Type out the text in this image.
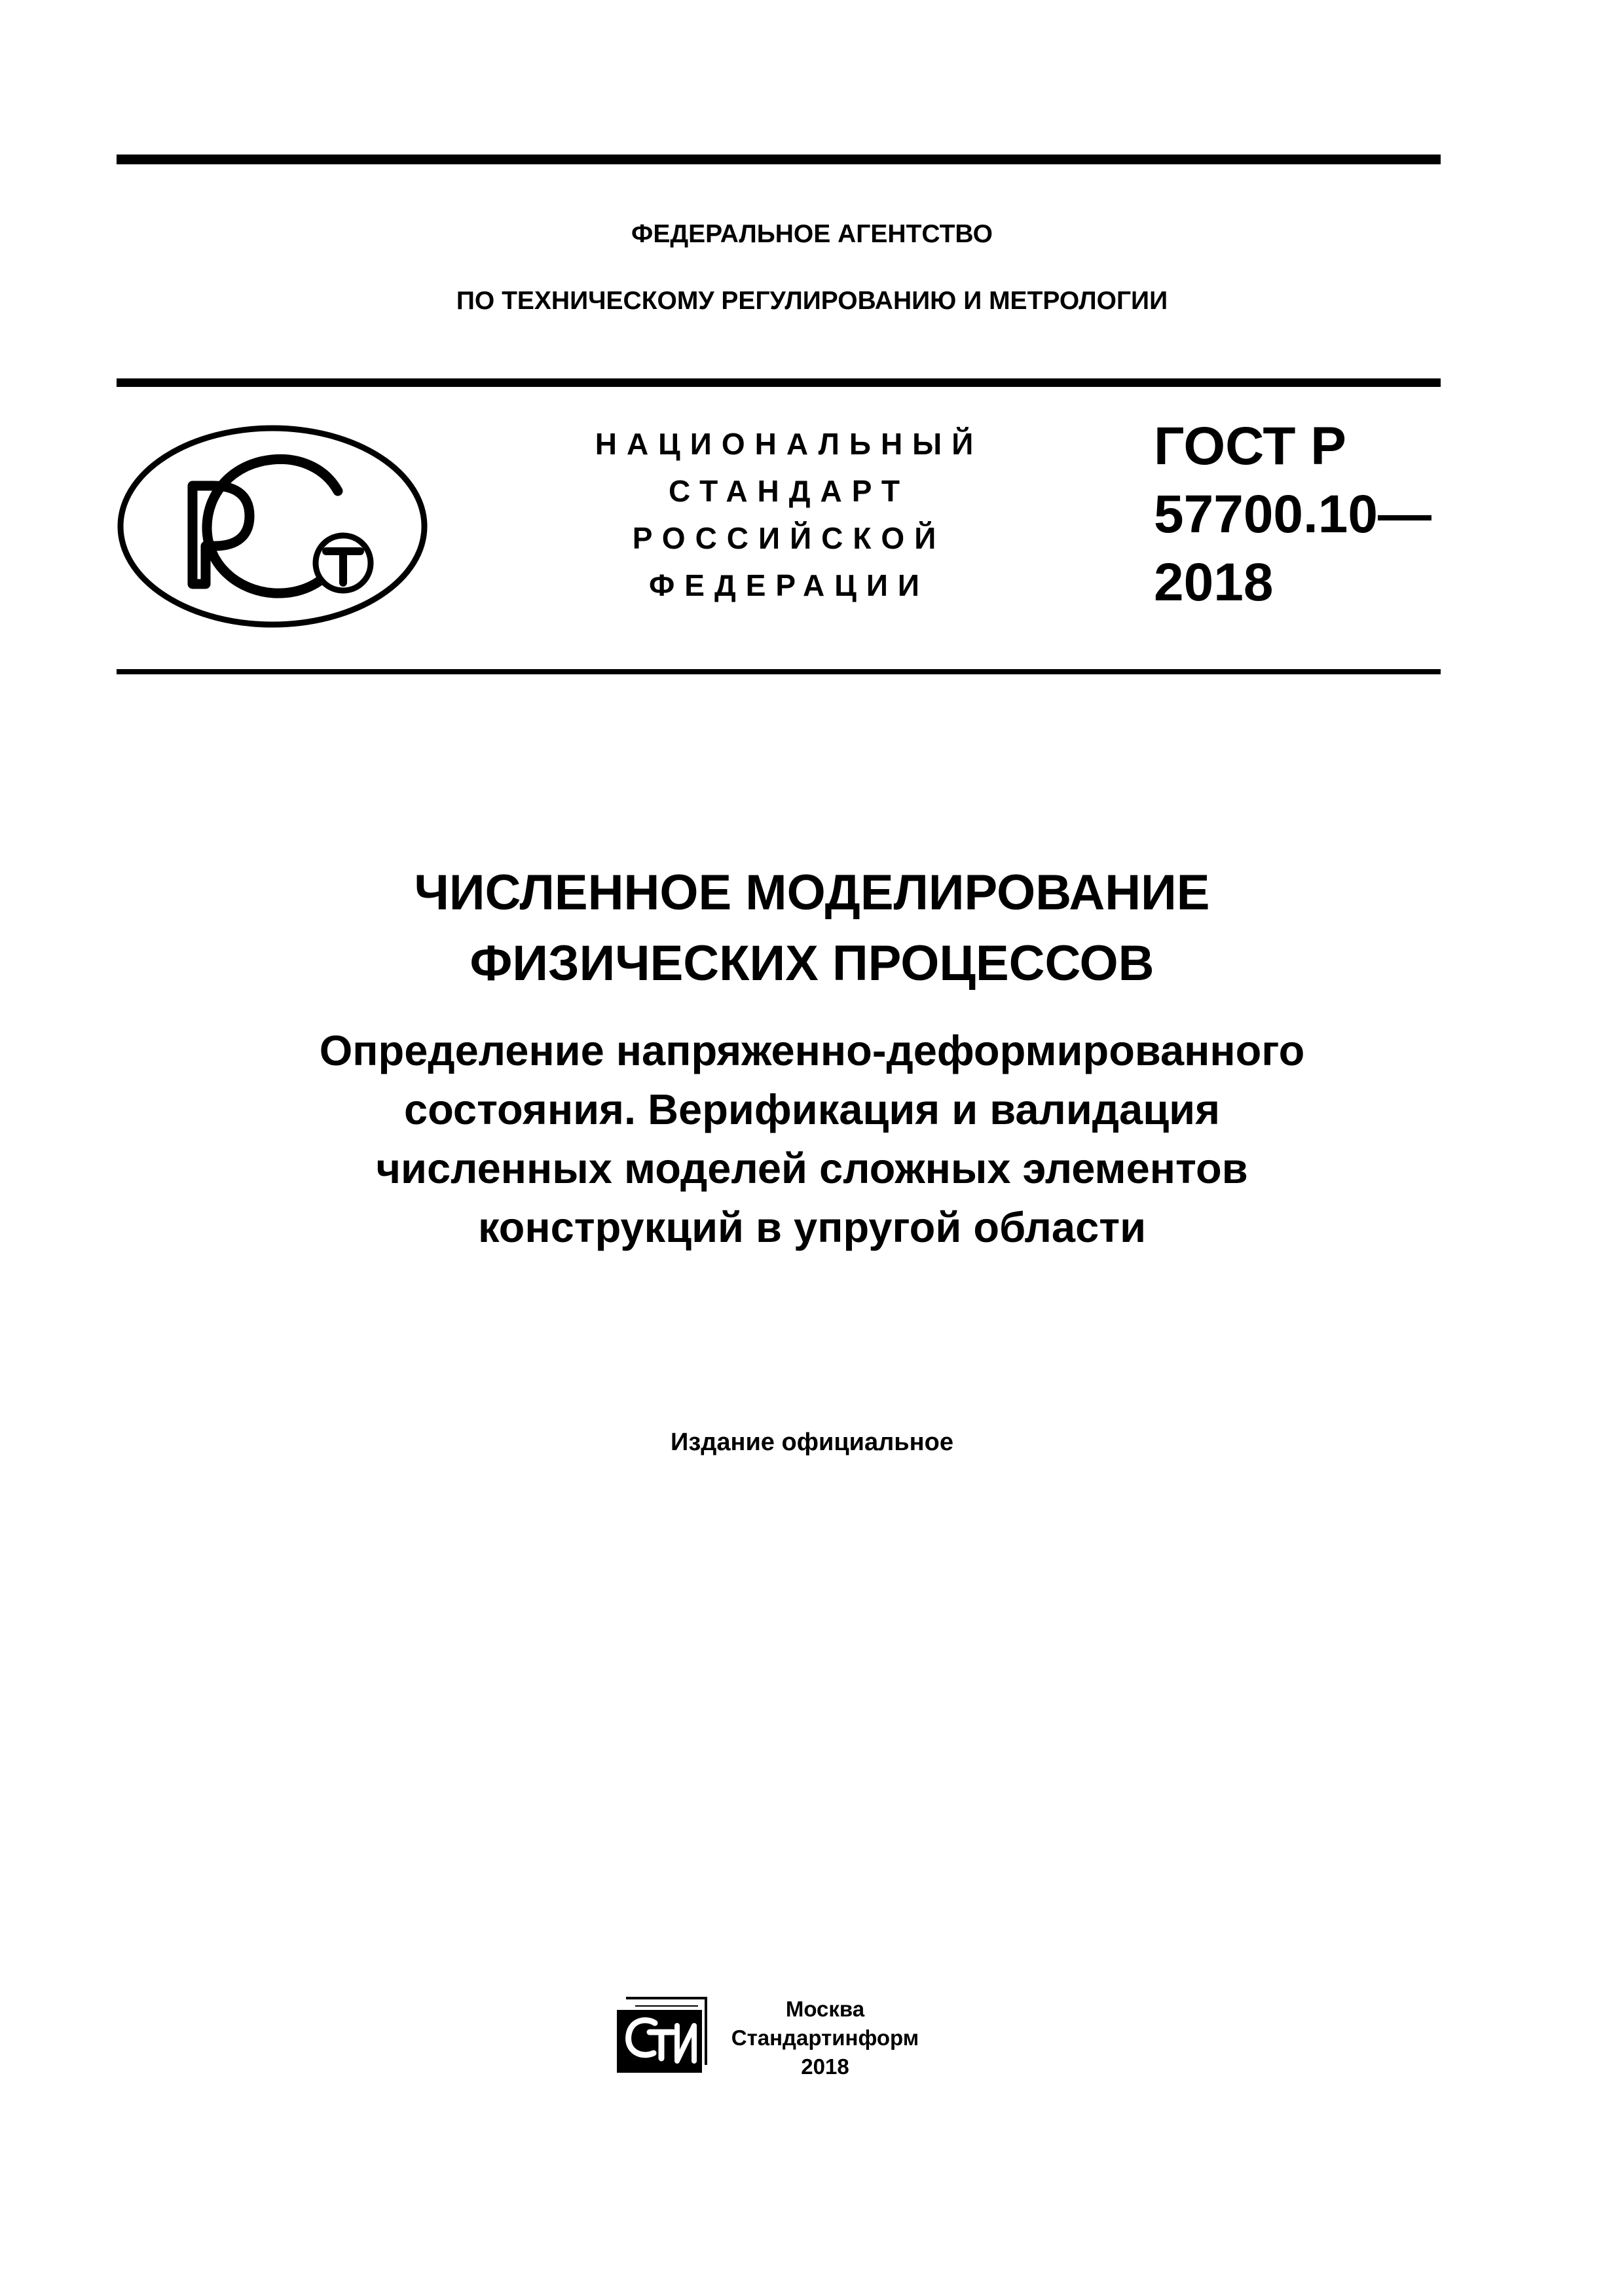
ФЕДЕРАЛЬНОЕ АГЕНТСТВО
ПО ТЕХНИЧЕСКОМУ РЕГУЛИРОВАНИЮ И МЕТРОЛОГИИ
НАЦИОНАЛЬНЫЙ
СТАНДАРТ
РОССИЙСКОЙ
ФЕДЕРАЦИИ
ГОСТ Р
57700.10—
2018
ЧИСЛЕННОЕ МОДЕЛИРОВАНИЕ
ФИЗИЧЕСКИХ ПРОЦЕССОВ
Определение напряженно-деформированного
состояния. Верификация и валидация
численных моделей сложных элементов
конструкций в упругой области
Издание официальное
Москва
Стандартинформ
2018
